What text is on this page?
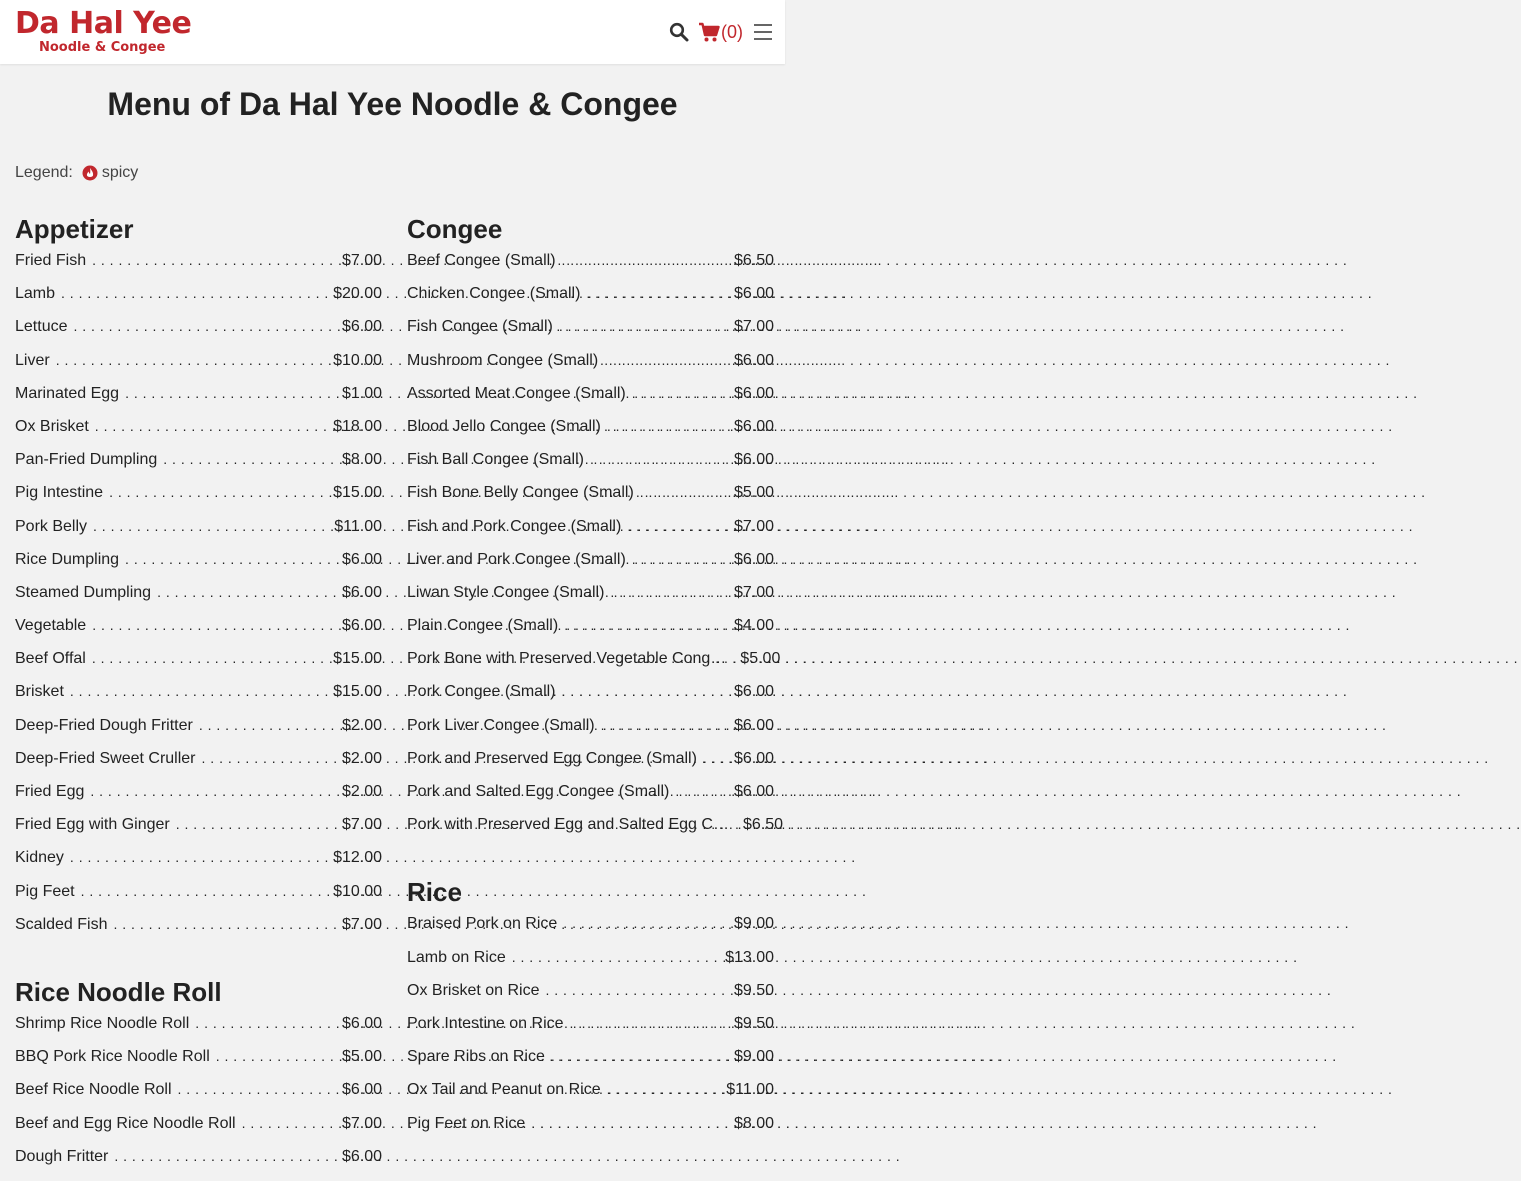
Da Hal Yee
Noodle & Congee
(0)
Menu of Da Hal Yee Noodle & Congee
Legend: spicy
Appetizer
Fried Fish . . .	$7.00
Lamb . . .	$20.00
Lettuce . . .	$6.00
Liver . . .	$10.00
Marinated Egg . . .	$1.00
Ox Brisket . . .	$18.00
Pan-Fried Dumpling . . .	$8.00
Pig Intestine . . .	$15.00
Pork Belly . . .	$11.00
Rice Dumpling . . .	$6.00
Steamed Dumpling . . .	$6.00
Vegetable . . .	$6.00
Beef Offal . . .	$15.00
Brisket . . .	$15.00
Deep-Fried Dough Fritter . . .	$2.00
Deep-Fried Sweet Cruller . . .	$2.00
Fried Egg . . .	$2.00
Fried Egg with Ginger . . .	$7.00
Kidney . . .	$12.00
Pig Feet . . .	$10.00
Scalded Fish . . .	$7.00
Rice Noodle Roll
Shrimp Rice Noodle Roll . . .	$6.00
BBQ Pork Rice Noodle Roll . . .	$5.00
Beef Rice Noodle Roll . . .	$6.00
Beef and Egg Rice Noodle Roll . . .	$7.00
Dough Fritter . . .	$6.00
Congee
Beef Congee (Small) . . .	$6.50
Chicken Congee (Small) . . .	$6.00
Fish Congee (Small) . . .	$7.00
Mushroom Congee (Small) . . .	$6.00
Assorted Meat Congee (Small) . . .	$6.00
Blood Jello Congee (Small) . . .	$6.00
Fish Ball Congee (Small) . . .	$6.00
Fish Bone Belly Congee (Small) . . .	$5.00
Fish and Pork Congee (Small) . . .	$7.00
Liver and Pork Congee (Small) . . .	$6.00
Liwan Style Congee (Small) . . .	$7.00
Plain Congee (Small) . . .	$4.00
Pork Bone with Preserved Vegetable Cong… . . . $5.00
Pork Congee (Small) . . .	$6.00
Pork Liver Congee (Small) . . .	$6.00
Pork and Preserved Egg Congee (Small) . . .	$6.00
Pork and Salted Egg Congee (Small) . . .	$6.00
Pork with Preserved Egg and Salted Egg C… . . . $6.50
Rice
Braised Pork on Rice . . .	$9.00
Lamb on Rice . . .	$13.00
Ox Brisket on Rice . . .	$9.50
Pork Intestine on Rice . . .	$9.50
Spare Ribs on Rice . . .	$9.00
Ox Tail and Peanut on Rice . . .	$11.00
Pig Feet on Rice . . .	$8.00
